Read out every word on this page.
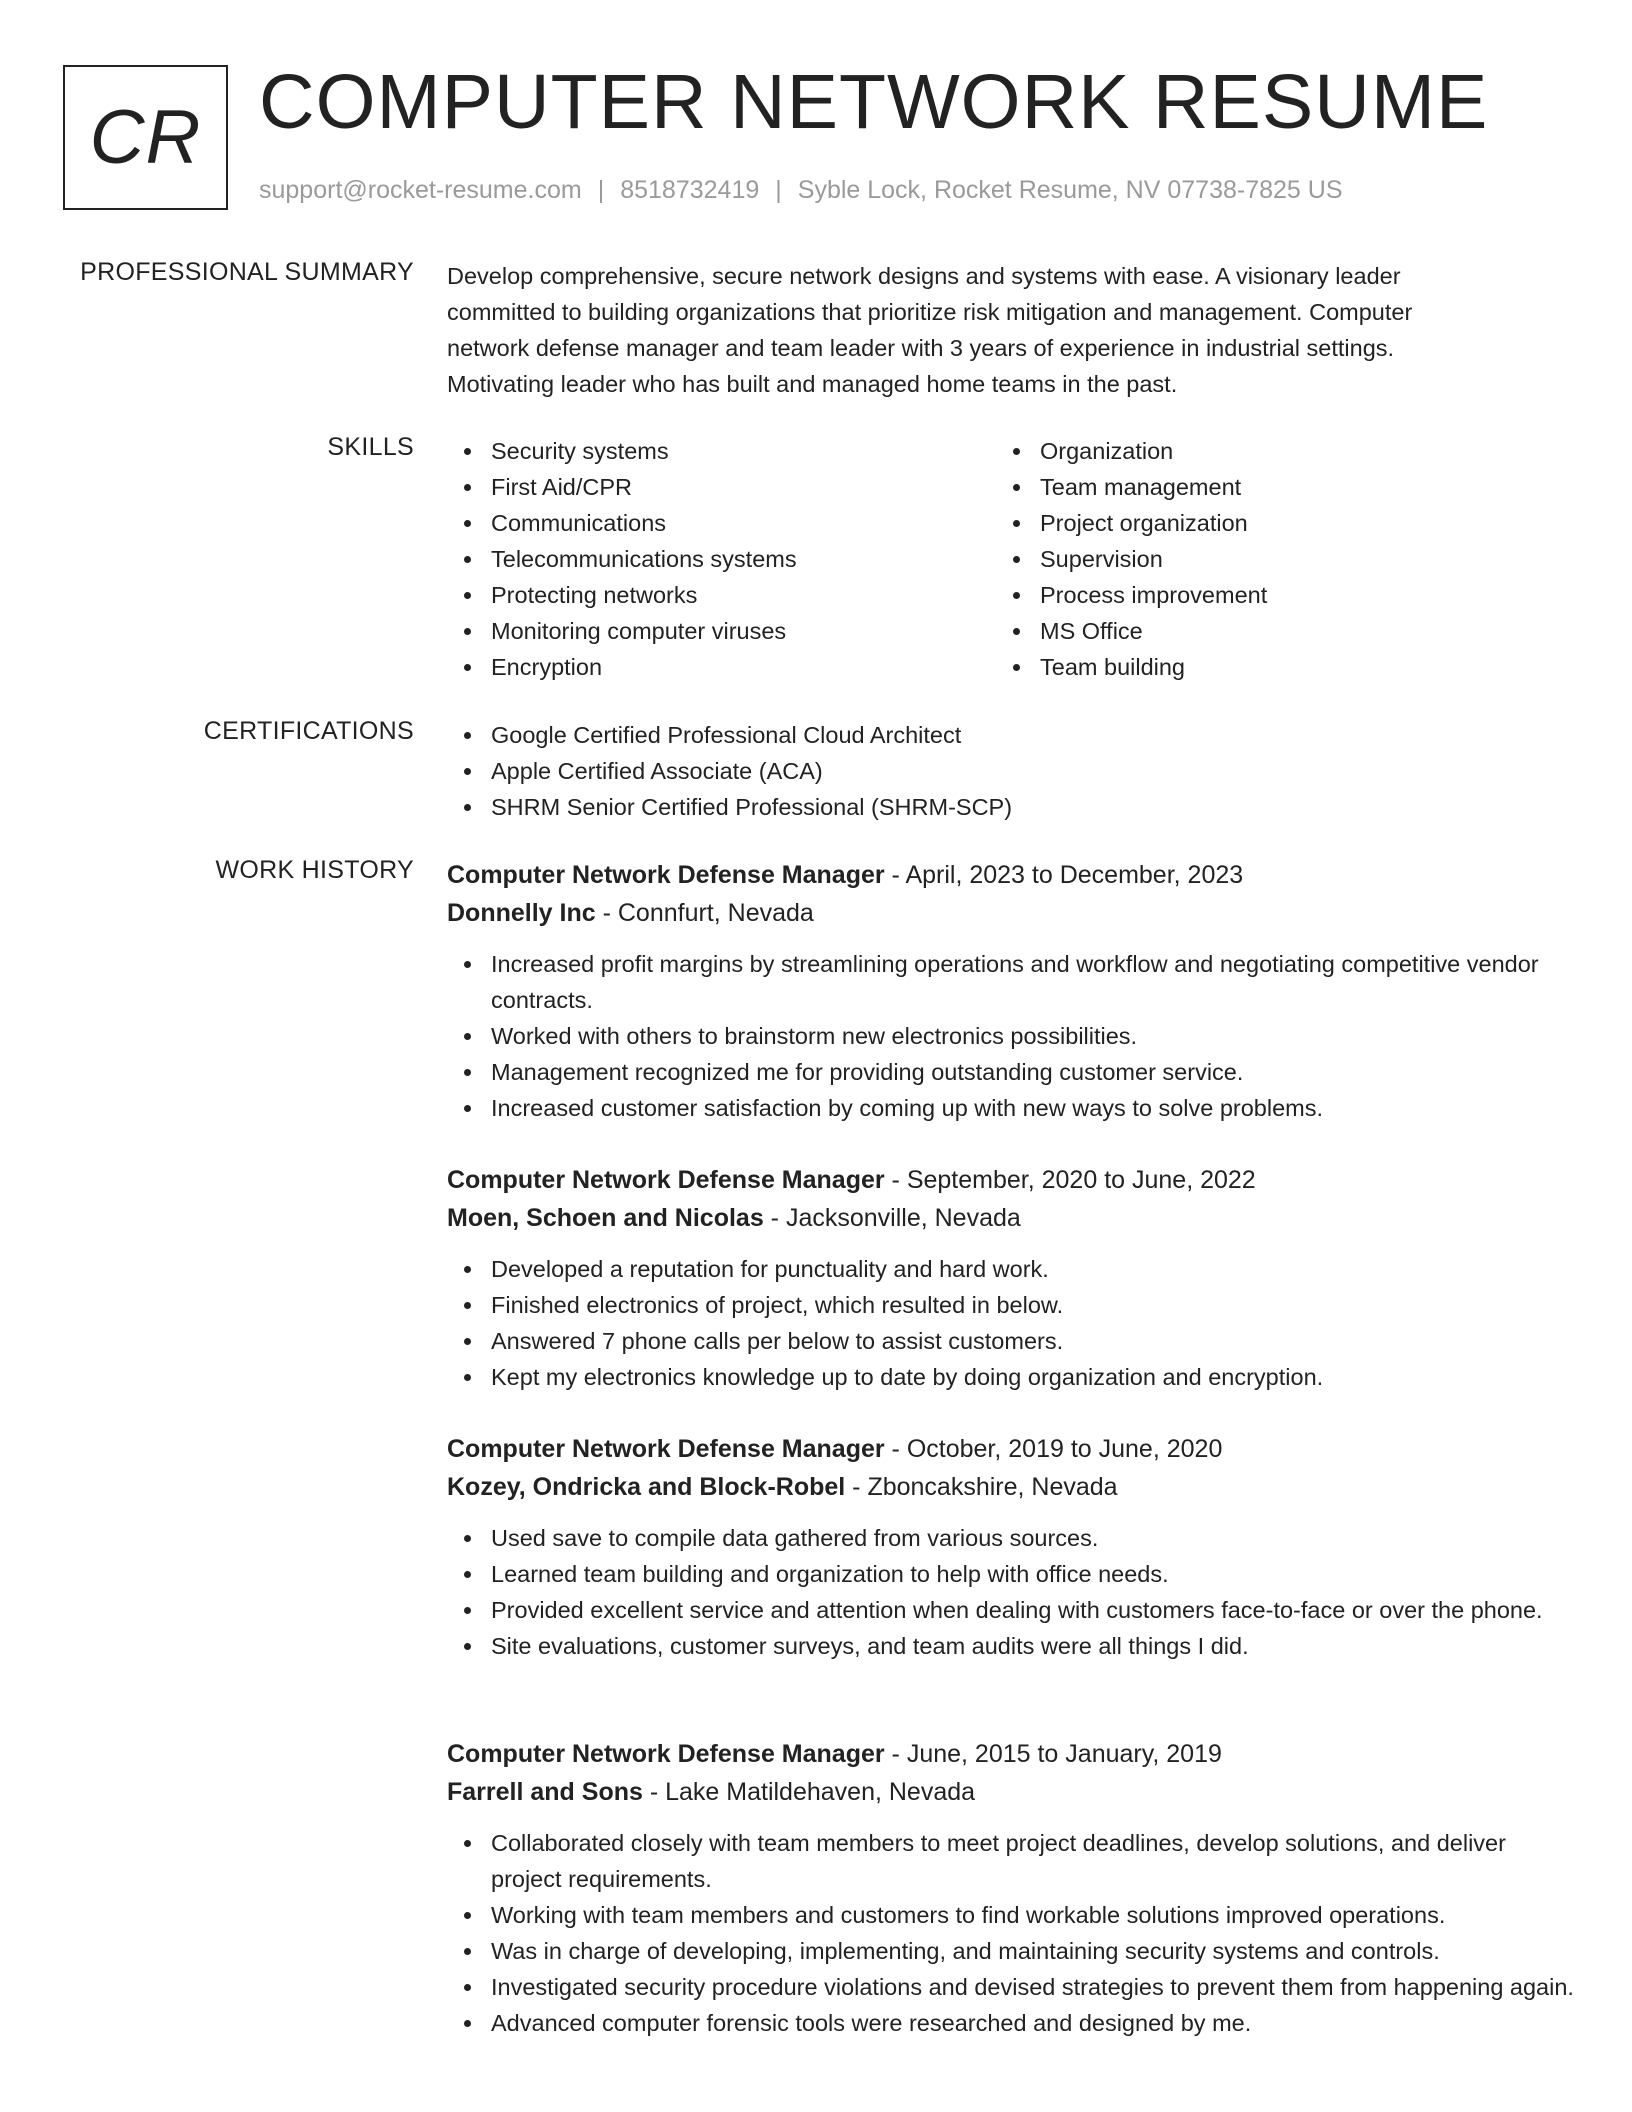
CR COMPUTER NETWORK RESUME
support@rocket-resume.com | 8518732419 | Syble Lock, Rocket Resume, NV 07738-7825 US
PROFESSIONAL SUMMARY Develop comprehensive, secure network designs and systems with ease. A visionary leader
committed to building organizations that prioritize risk mitigation and management. Computer
network defense manager and team leader with 3 years of experience in industrial settings.
Motivating leader who has built and managed home teams in the past.
SKILLS	Security systems
First Aid/CPR
Communications
Telecommunications systems
Protecting networks
Monitoring computer viruses
Encryption
Organization
Team management
Project organization
Supervision
Process improvement
MS Office
Team building
CERTIFICATIONS	Google Certified Professional Cloud Architect
Apple Certified Associate (ACA)
SHRM Senior Certified Professional (SHRM-SCP)
WORK HISTORY Computer Network Defense Manager - April, 2023 to December, 2023
Donnelly Inc - Connfurt, Nevada
Increased profit margins by streamlining operations and workflow and negotiating competitive vendor contracts.
Worked with others to brainstorm new electronics possibilities.
Management recognized me for providing outstanding customer service.
Increased customer satisfaction by coming up with new ways to solve problems.
Computer Network Defense Manager - September, 2020 to June, 2022
Moen, Schoen and Nicolas - Jacksonville, Nevada
Developed a reputation for punctuality and hard work.
Finished electronics of project, which resulted in below.
Answered 7 phone calls per below to assist customers.
Kept my electronics knowledge up to date by doing organization and encryption.
Computer Network Defense Manager - October, 2019 to June, 2020
Kozey, Ondricka and Block-Robel - Zboncakshire, Nevada
Used save to compile data gathered from various sources.
Learned team building and organization to help with office needs.
Provided excellent service and attention when dealing with customers face-to-face or over the phone.
Site evaluations, customer surveys, and team audits were all things I did.
Computer Network Defense Manager - June, 2015 to January, 2019
Farrell and Sons - Lake Matildehaven, Nevada
Collaborated closely with team members to meet project deadlines, develop solutions, and deliver project requirements.
Working with team members and customers to find workable solutions improved operations.
Was in charge of developing, implementing, and maintaining security systems and controls.
Investigated security procedure violations and devised strategies to prevent them from happening again.
Advanced computer forensic tools were researched and designed by me.
